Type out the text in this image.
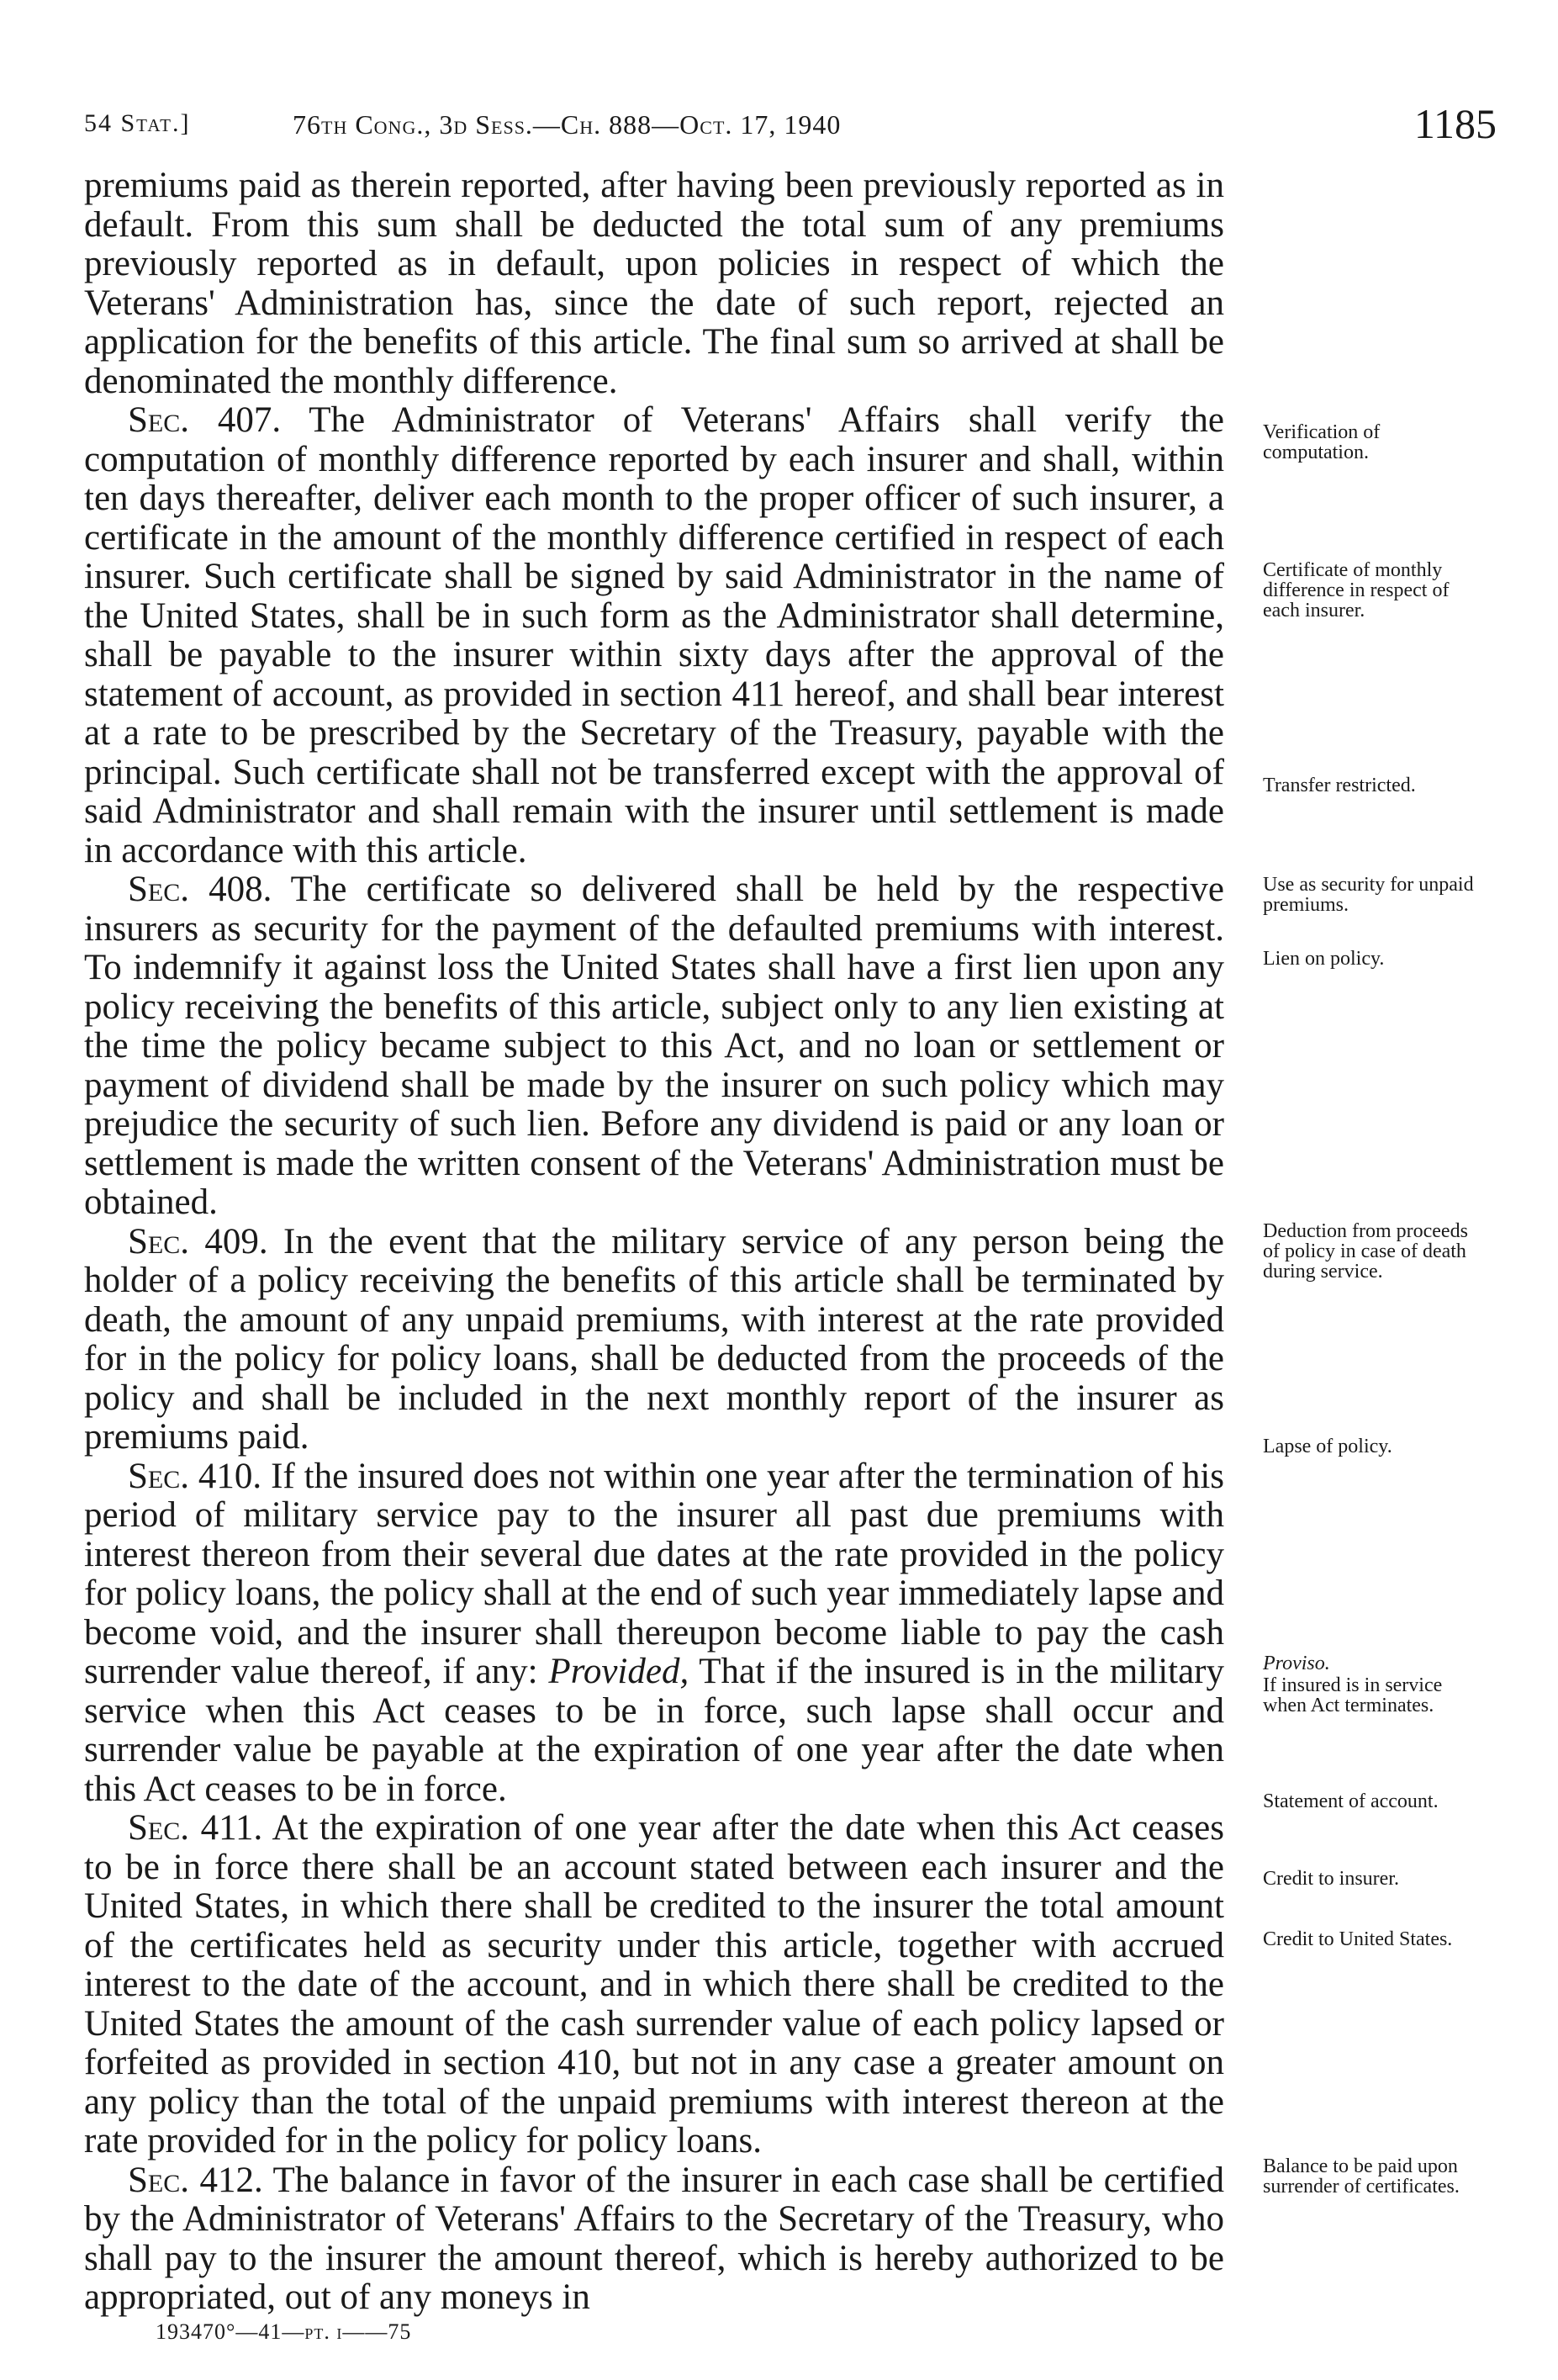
54 Stat.]	76th Cong., 3d Sess.—Ch. 888—Oct. 17, 1940	1185

premiums paid as therein reported, after having been previously reported as in default. From this sum shall be deducted the total sum of any premiums previously reported as in default, upon policies in respect of which the Veterans' Administration has, since the date of such report, rejected an application for the benefits of this article. The final sum so arrived at shall be denominated the monthly difference.

Sec. 407. The Administrator of Veterans' Affairs shall verify the computation of monthly difference reported by each insurer and shall, within ten days thereafter, deliver each month to the proper officer of such insurer, a certificate in the amount of the monthly difference certified in respect of each insurer. Such certificate shall be signed by said Administrator in the name of the United States, shall be in such form as the Administrator shall determine, shall be payable to the insurer within sixty days after the approval of the statement of account, as provided in section 411 hereof, and shall bear interest at a rate to be prescribed by the Secretary of the Treasury, payable with the principal. Such certificate shall not be transferred except with the approval of said Administrator and shall remain with the insurer until settlement is made in accordance with this article.

Sec. 408. The certificate so delivered shall be held by the respective insurers as security for the payment of the defaulted premiums with interest. To indemnify it against loss the United States shall have a first lien upon any policy receiving the benefits of this article, subject only to any lien existing at the time the policy became subject to this Act, and no loan or settlement or payment of dividend shall be made by the insurer on such policy which may prejudice the security of such lien. Before any dividend is paid or any loan or settlement is made the written consent of the Veterans' Administration must be obtained.

Sec. 409. In the event that the military service of any person being the holder of a policy receiving the benefits of this article shall be terminated by death, the amount of any unpaid premiums, with interest at the rate provided for in the policy for policy loans, shall be deducted from the proceeds of the policy and shall be included in the next monthly report of the insurer as premiums paid.

Sec. 410. If the insured does not within one year after the termination of his period of military service pay to the insurer all past due premiums with interest thereon from their several due dates at the rate provided in the policy for policy loans, the policy shall at the end of such year immediately lapse and become void, and the insurer shall thereupon become liable to pay the cash surrender value thereof, if any: Provided, That if the insured is in the military service when this Act ceases to be in force, such lapse shall occur and surrender value be payable at the expiration of one year after the date when this Act ceases to be in force.

Sec. 411. At the expiration of one year after the date when this Act ceases to be in force there shall be an account stated between each insurer and the United States, in which there shall be credited to the insurer the total amount of the certificates held as security under this article, together with accrued interest to the date of the account, and in which there shall be credited to the United States the amount of the cash surrender value of each policy lapsed or forfeited as provided in section 410, but not in any case a greater amount on any policy than the total of the unpaid premiums with interest thereon at the rate provided for in the policy for policy loans.

Sec. 412. The balance in favor of the insurer in each case shall be certified by the Administrator of Veterans' Affairs to the Secretary of the Treasury, who shall pay to the insurer the amount thereof, which is hereby authorized to be appropriated, out of any moneys in

Verification of computation.
Certificate of monthly difference in respect of each insurer.
Transfer restricted.
Use as security for unpaid premiums.
Lien on policy.
Deduction from proceeds of policy in case of death during service.
Lapse of policy.
Proviso.
If insured is in service when Act terminates.
Statement of account.
Credit to insurer.
Credit to United States.
Balance to be paid upon surrender of certificates.
193470°—41—pt. i——75
